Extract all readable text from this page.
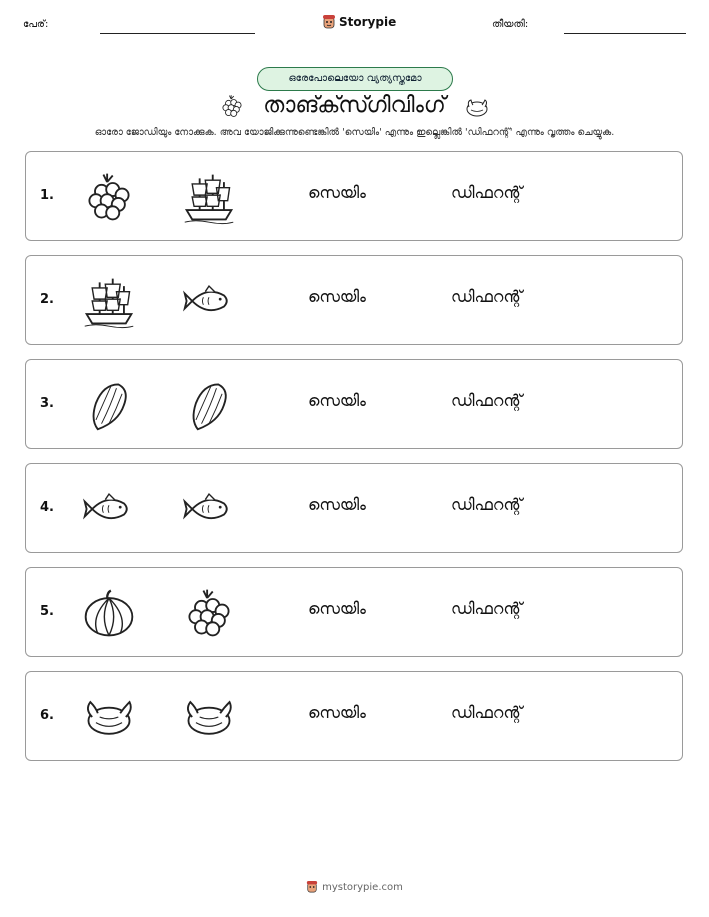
പേര്:	Storypie	തീയതി:
ഒരേപോലെയോ വ്യത്യസ്തമോ
താങ്ക്സ്ഗിവിംഗ്
ഓരോ ജോഡിയും നോക്കുക. അവ യോജിക്കുന്നുണ്ടെങ്കിൽ 'സെയിം' എന്നും ഇല്ലെങ്കിൽ 'ഡിഫറന്റ്' എന്നും വൃത്തം ചെയ്യുക.
1.	സെയിം	ഡിഫറന്റ്
2.	സെയിം	ഡിഫറന്റ്
3.	സെയിം	ഡിഫറന്റ്
4.	സെയിം	ഡിഫറന്റ്
5.	സെയിം	ഡിഫറന്റ്
6.	സെയിം	ഡിഫറന്റ്
mystorypie.com
